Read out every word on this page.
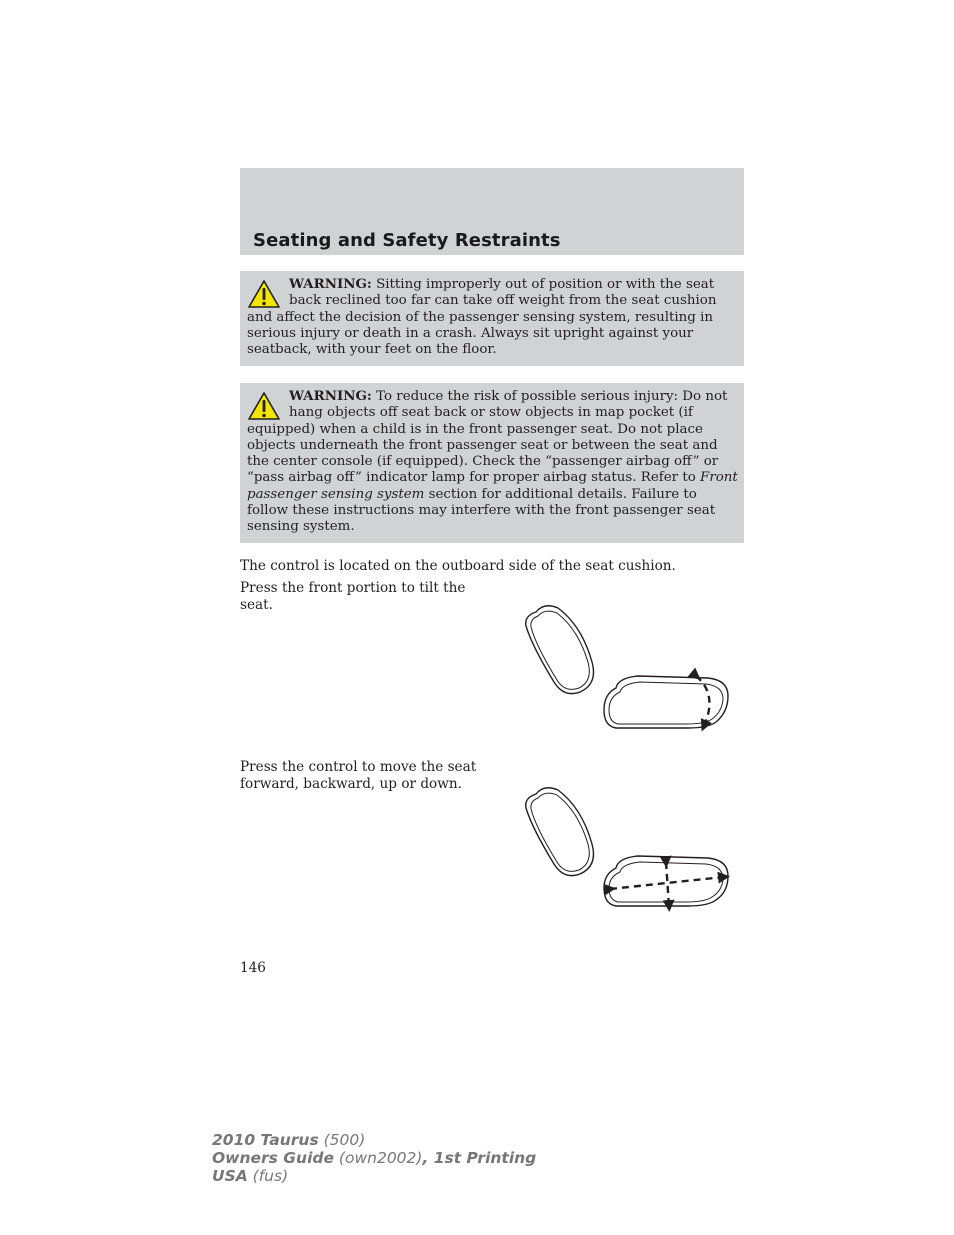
Seating and Safety Restraints
WARNING: Sitting improperly out of position or with the seat back reclined too far can take off weight from the seat cushion and affect the decision of the passenger sensing system, resulting in serious injury or death in a crash. Always sit upright against your seatback, with your feet on the floor.
WARNING: To reduce the risk of possible serious injury: Do not hang objects off seat back or stow objects in map pocket (if equipped) when a child is in the front passenger seat. Do not place objects underneath the front passenger seat or between the seat and the center console (if equipped). Check the “passenger airbag off” or “pass airbag off” indicator lamp for proper airbag status. Refer to Front passenger sensing system section for additional details. Failure to follow these instructions may interfere with the front passenger seat sensing system.
The control is located on the outboard side of the seat cushion.
Press the front portion to tilt the seat.
Press the control to move the seat forward, backward, up or down.
146
2010 Taurus (500)
Owners Guide (own2002), 1st Printing
USA (fus)
